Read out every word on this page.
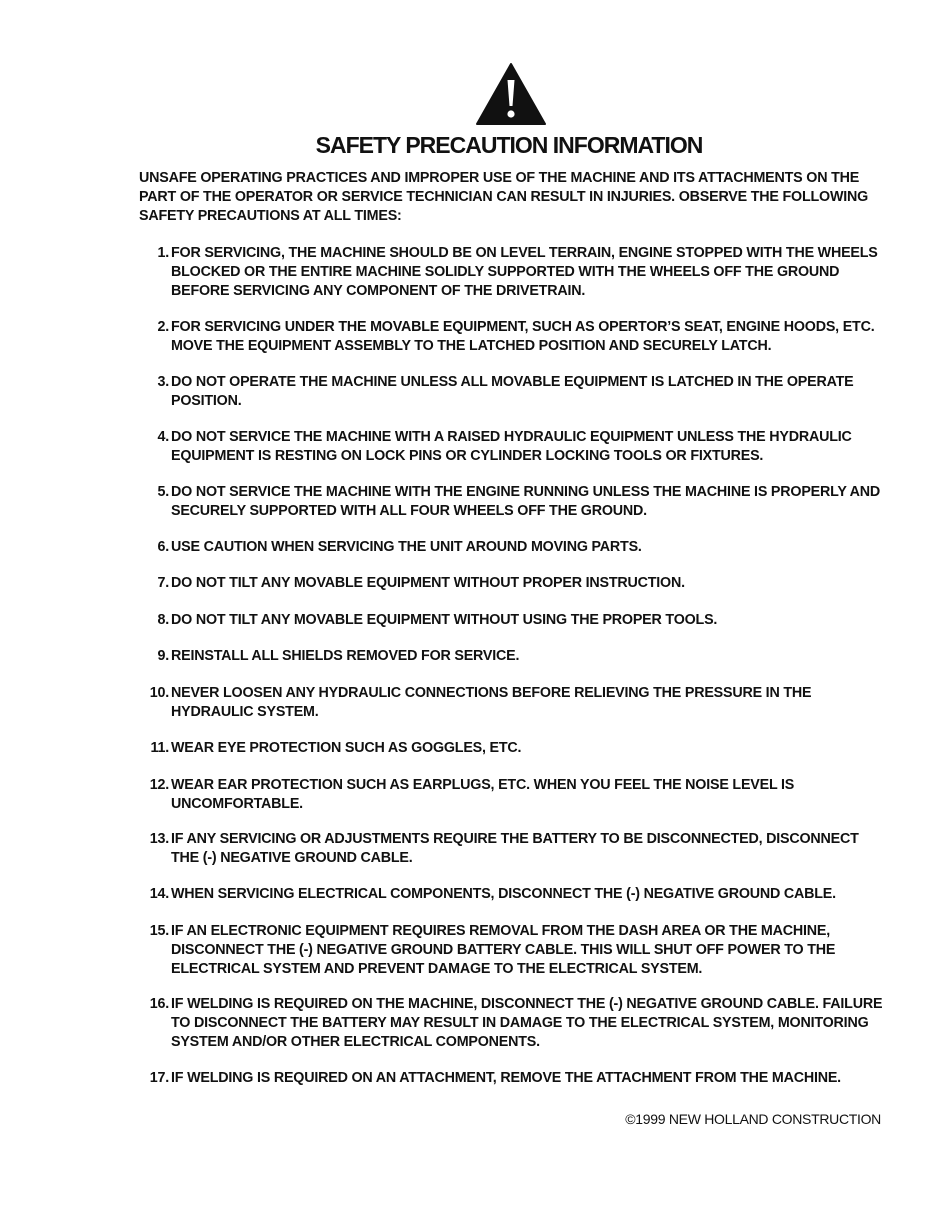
SAFETY PRECAUTION INFORMATION

UNSAFE OPERATING PRACTICES AND IMPROPER USE OF THE MACHINE AND ITS ATTACHMENTS ON THE PART OF THE OPERATOR OR SERVICE TECHNICIAN CAN RESULT IN INJURIES. OBSERVE THE FOLLOWING SAFETY PRECAUTIONS AT ALL TIMES:

1. FOR SERVICING, THE MACHINE SHOULD BE ON LEVEL TERRAIN, ENGINE STOPPED WITH THE WHEELS BLOCKED OR THE ENTIRE MACHINE SOLIDLY SUPPORTED WITH THE WHEELS OFF THE GROUND BEFORE SERVICING ANY COMPONENT OF THE DRIVETRAIN.
2. FOR SERVICING UNDER THE MOVABLE EQUIPMENT, SUCH AS OPERTOR’S SEAT, ENGINE HOODS, ETC. MOVE THE EQUIPMENT ASSEMBLY TO THE LATCHED POSITION AND SECURELY LATCH.
3. DO NOT OPERATE THE MACHINE UNLESS ALL MOVABLE EQUIPMENT IS LATCHED IN THE OPERATE POSITION.
4. DO NOT SERVICE THE MACHINE WITH A RAISED HYDRAULIC EQUIPMENT UNLESS THE HYDRAULIC EQUIPMENT IS RESTING ON LOCK PINS OR CYLINDER LOCKING TOOLS OR FIXTURES.
5. DO NOT SERVICE THE MACHINE WITH THE ENGINE RUNNING UNLESS THE MACHINE IS PROPERLY AND SECURELY SUPPORTED WITH ALL FOUR WHEELS OFF THE GROUND.
6. USE CAUTION WHEN SERVICING THE UNIT AROUND MOVING PARTS.
7. DO NOT TILT ANY MOVABLE EQUIPMENT WITHOUT PROPER INSTRUCTION.
8. DO NOT TILT ANY MOVABLE EQUIPMENT WITHOUT USING THE PROPER TOOLS.
9. REINSTALL ALL SHIELDS REMOVED FOR SERVICE.
10. NEVER LOOSEN ANY HYDRAULIC CONNECTIONS BEFORE RELIEVING THE PRESSURE IN THE HYDRAULIC SYSTEM.
11. WEAR EYE PROTECTION SUCH AS GOGGLES, ETC.
12. WEAR EAR PROTECTION SUCH AS EARPLUGS, ETC. WHEN YOU FEEL THE NOISE LEVEL IS UNCOMFORTABLE.
13. IF ANY SERVICING OR ADJUSTMENTS REQUIRE THE BATTERY TO BE DISCONNECTED, DISCONNECT THE (-) NEGATIVE GROUND CABLE.
14. WHEN SERVICING ELECTRICAL COMPONENTS, DISCONNECT THE (-) NEGATIVE GROUND CABLE.
15. IF AN ELECTRONIC EQUIPMENT REQUIRES REMOVAL FROM THE DASH AREA OR THE MACHINE, DISCONNECT THE (-) NEGATIVE GROUND BATTERY CABLE. THIS WILL SHUT OFF POWER TO THE ELECTRICAL SYSTEM AND PREVENT DAMAGE TO THE ELECTRICAL SYSTEM.
16. IF WELDING IS REQUIRED ON THE MACHINE, DISCONNECT THE (-) NEGATIVE GROUND CABLE. FAILURE TO DISCONNECT THE BATTERY MAY RESULT IN DAMAGE TO THE ELECTRICAL SYSTEM, MONITORING SYSTEM AND/OR OTHER ELECTRICAL COMPONENTS.
17. IF WELDING IS REQUIRED ON AN ATTACHMENT, REMOVE THE ATTACHMENT FROM THE MACHINE.
©1999 NEW HOLLAND CONSTRUCTION
